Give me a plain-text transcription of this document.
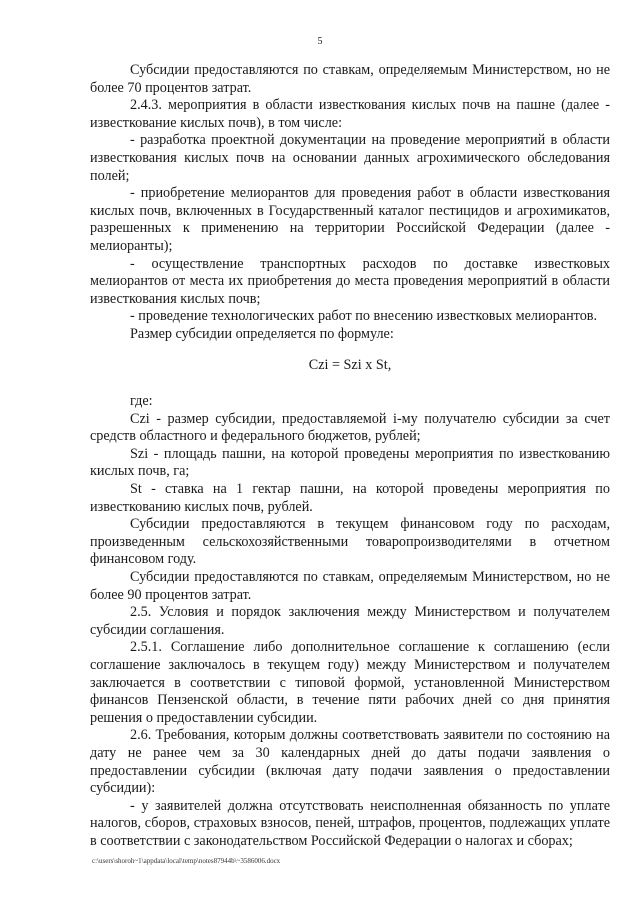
5

Субсидии предоставляются по ставкам, определяемым Министерством, но не более 70 процентов затрат.

2.4.3. мероприятия в области известкования кислых почв на пашне (далее - известкование кислых почв), в том числе:

- разработка проектной документации на проведение мероприятий в области известкования кислых почв на основании данных агрохимического обследования полей;

- приобретение мелиорантов для проведения работ в области известкования кислых почв, включенных в Государственный каталог пестицидов и агрохимикатов, разрешенных к применению на территории Российской Федерации (далее - мелиоранты);

- осуществление транспортных расходов по доставке известковых мелиорантов от места их приобретения до места проведения мероприятий в области известкования кислых почв;

- проведение технологических работ по внесению известковых мелиорантов.

Размер субсидии определяется по формуле:

Czi = Szi x St,

где:

Czi - размер субсидии, предоставляемой i-му получателю субсидии за счет средств областного и федерального бюджетов, рублей;

Szi - площадь пашни, на которой проведены мероприятия по известкованию кислых почв, га;

St - ставка на 1 гектар пашни, на которой проведены мероприятия по известкованию кислых почв, рублей.

Субсидии предоставляются в текущем финансовом году по расходам, произведенным сельскохозяйственными товаропроизводителями в отчетном финансовом году.

Субсидии предоставляются по ставкам, определяемым Министерством, но не более 90 процентов затрат.

2.5. Условия и порядок заключения между Министерством и получателем субсидии соглашения.

2.5.1. Соглашение либо дополнительное соглашение к соглашению (если соглашение заключалось в текущем году) между Министерством и получателем заключается в соответствии с типовой формой, установленной Министерством финансов Пензенской области, в течение пяти рабочих дней со дня принятия решения о предоставлении субсидии.

2.6. Требования, которым должны соответствовать заявители по состоянию на дату не ранее чем за 30 календарных дней до даты подачи заявления о предоставлении субсидии (включая дату подачи заявления о предоставлении субсидии):

- у заявителей должна отсутствовать неисполненная обязанность по уплате налогов, сборов, страховых взносов, пеней, штрафов, процентов, подлежащих уплате в соответствии с законодательством Российской Федерации о налогах и сборах;

c:\users\shoroh~1\appdata\local\temp\notes87944b\~3586006.docx
